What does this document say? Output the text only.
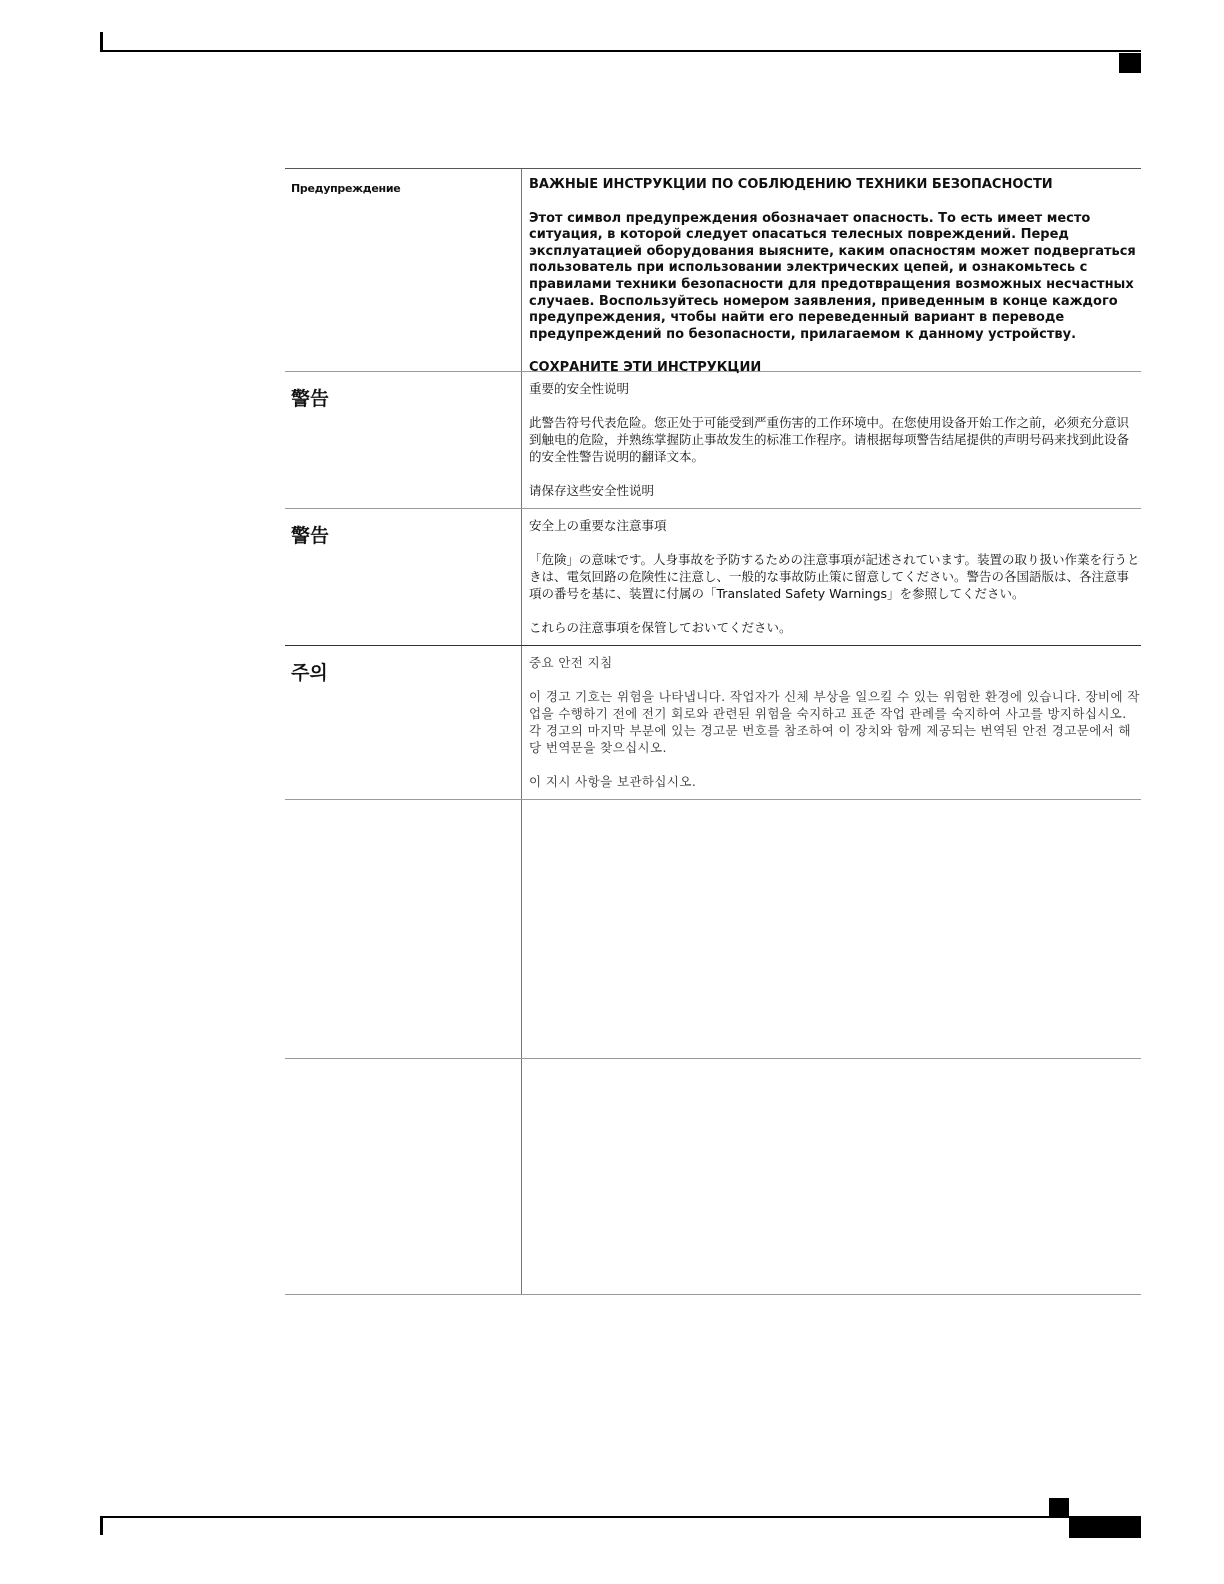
Предупреждение	ВАЖНЫЕ ИНСТРУКЦИИ ПО СОБЛЮДЕНИЮ ТЕХНИКИ БЕЗОПАСНОСТИ

Этот символ предупреждения обозначает опасность. То есть имеет место ситуация, в которой следует опасаться телесных повреждений. Перед эксплуатацией оборудования выясните, каким опасностям может подвергаться пользователь при использовании электрических цепей, и ознакомьтесь с правилами техники безопасности для предотвращения возможных несчастных случаев. Воспользуйтесь номером заявления, приведенным в конце каждого предупреждения, чтобы найти его переведенный вариант в переводе предупреждений по безопасности, прилагаемом к данному устройству.

СОХРАНИТЕ ЭТИ ИНСТРУКЦИИ

警告	重要的安全性说明

此警告符号代表危险。您正处于可能受到严重伤害的工作环境中。在您使用设备开始工作之前，必须充分意识到触电的危险，并熟练掌握防止事故发生的标准工作程序。请根据每项警告结尾提供的声明号码来找到此设备的安全性警告说明的翻译文本。

请保存这些安全性说明

警告	安全上の重要な注意事項

「危険」の意味です。人身事故を予防するための注意事項が記述されています。装置の取り扱い作業を行うときは、電気回路の危険性に注意し、一般的な事故防止策に留意してください。警告の各国語版は、各注意事項の番号を基に、装置に付属の「Translated Safety Warnings」を参照してください。

これらの注意事項を保管しておいてください。

주의	중요 안전 지침

이 경고 기호는 위험을 나타냅니다. 작업자가 신체 부상을 일으킬 수 있는 위험한 환경에 있습니다. 장비에 작업을 수행하기 전에 전기 회로와 관련된 위험을 숙지하고 표준 작업 관례를 숙지하여 사고를 방지하십시오. 각 경고의 마지막 부분에 있는 경고문 번호를 참조하여 이 장치와 함께 제공되는 번역된 안전 경고문에서 해당 번역문을 찾으십시오.

이 지시 사항을 보관하십시오.
